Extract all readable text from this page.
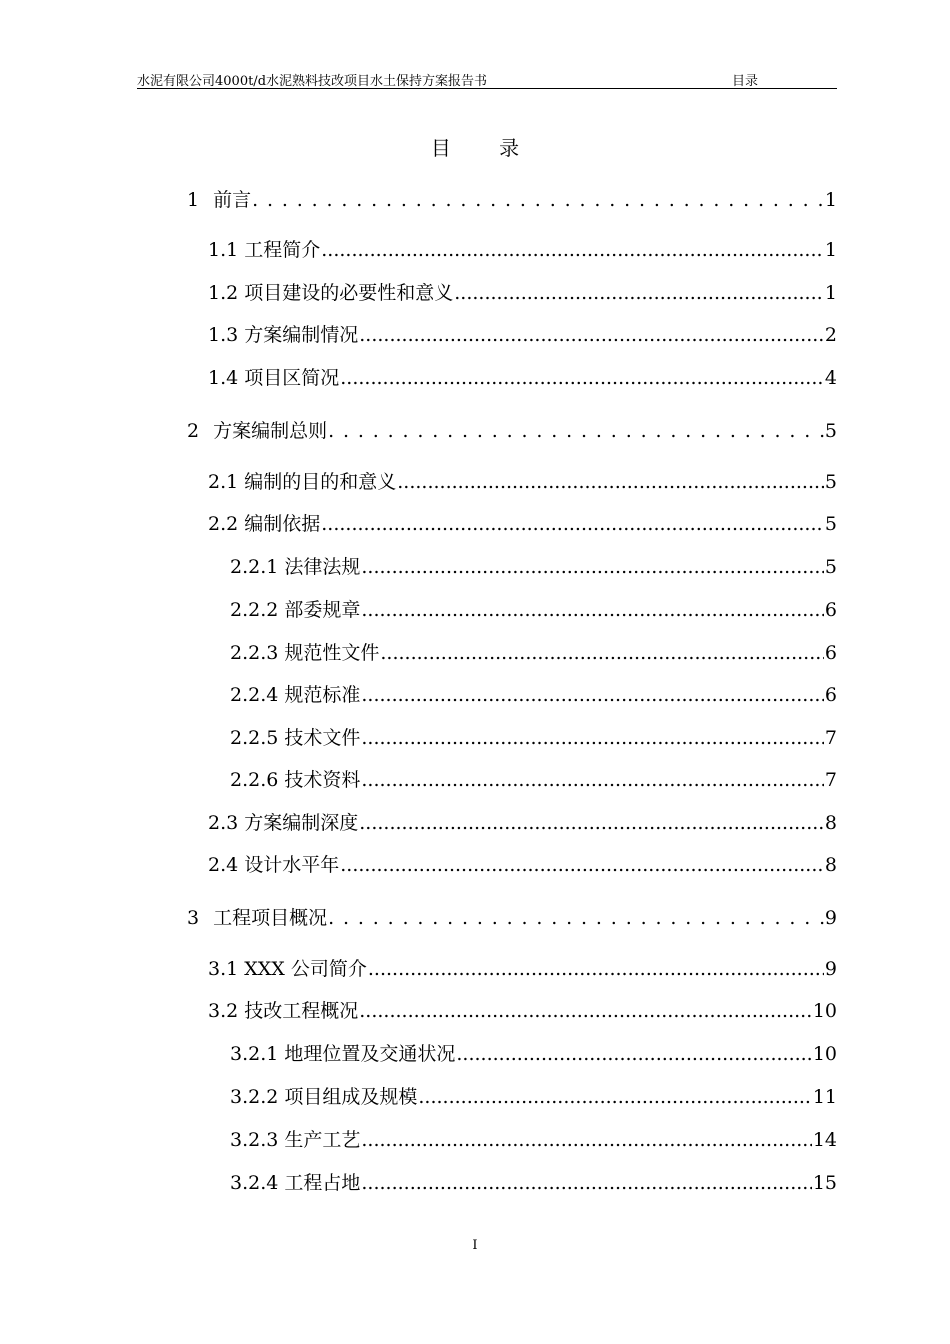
水泥有限公司4000t/d水泥熟料技改项目水土保持方案报告书	目录
目 录
1 前言 . . .	1
1.1 工程简介 .....	1
1.2 项目建设的必要性和意义 .....	1
1.3 方案编制情况 .....	2
1.4 项目区简况 .....	4
2 方案编制总则 . . .	5
2.1 编制的目的和意义 .....	5
2.2 编制依据 .....	5
2.2.1 法律法规 .....	5
2.2.2 部委规章 .....	6
2.2.3 规范性文件 .....	6
2.2.4 规范标准 .....	6
2.2.5 技术文件 .....	7
2.2.6 技术资料 .....	7
2.3 方案编制深度 .....	8
2.4 设计水平年 .....	8
3 工程项目概况 . . .	9
3.1 XXX 公司简介 .....	9
3.2 技改工程概况 .....	10
3.2.1 地理位置及交通状况 .....	10
3.2.2 项目组成及规模 .....	11
3.2.3 生产工艺 .....	14
3.2.4 工程占地 .....	15
I
